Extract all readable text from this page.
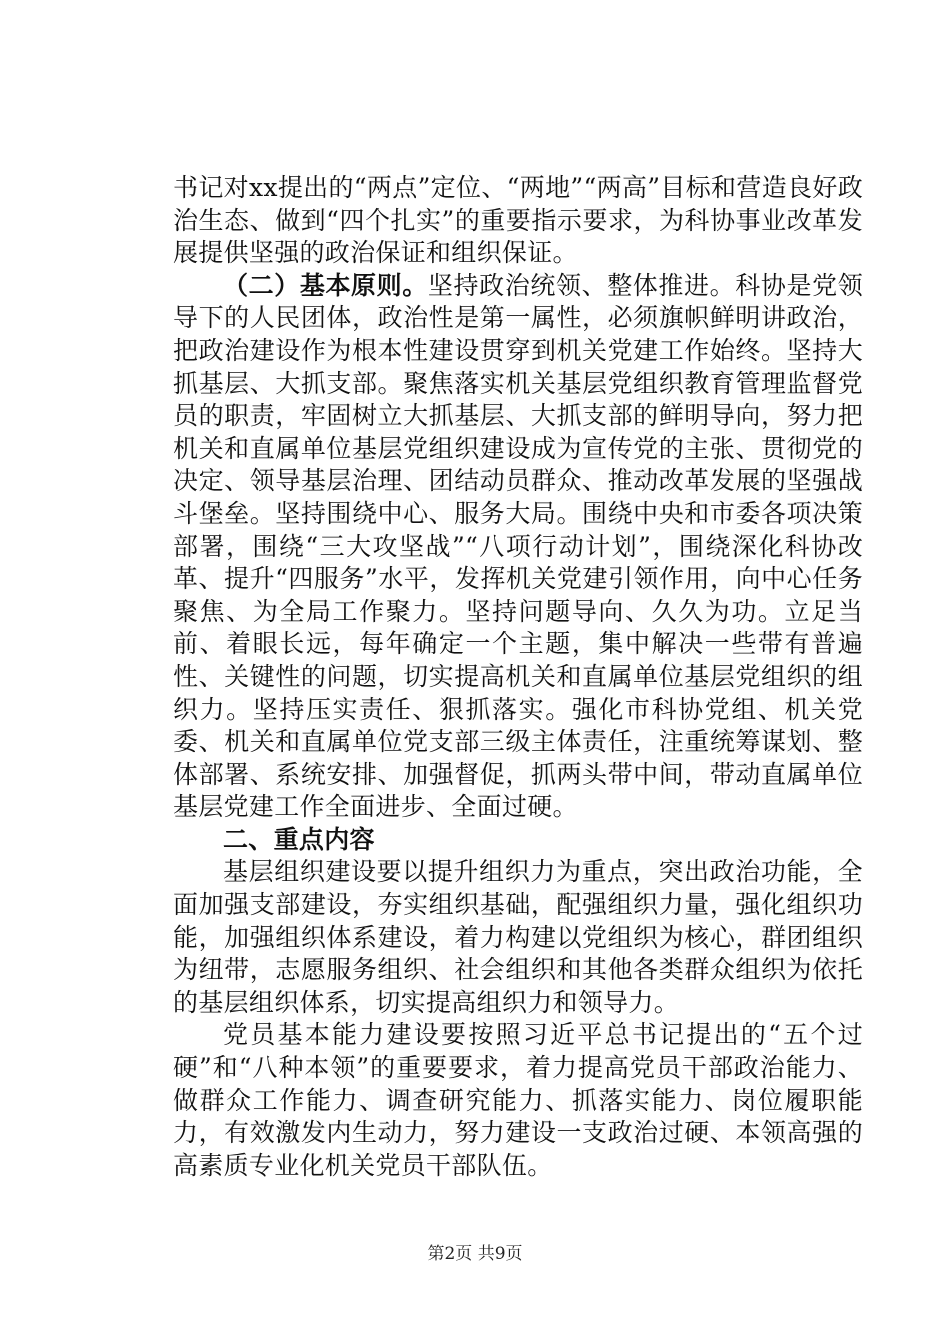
书记对xx提出的“两点”定位、“两地”“两高”目标和营造良好政治生态、做到“四个扎实”的重要指示要求，为科协事业改革发展提供坚强的政治保证和组织保证。

（二）基本原则。坚持政治统领、整体推进。科协是党领导下的人民团体，政治性是第一属性，必须旗帜鲜明讲政治，把政治建设作为根本性建设贯穿到机关党建工作始终。坚持大抓基层、大抓支部。聚焦落实机关基层党组织教育管理监督党员的职责，牢固树立大抓基层、大抓支部的鲜明导向，努力把机关和直属单位基层党组织建设成为宣传党的主张、贯彻党的决定、领导基层治理、团结动员群众、推动改革发展的坚强战斗堡垒。坚持围绕中心、服务大局。围绕中央和市委各项决策部署，围绕“三大攻坚战”“八项行动计划”，围绕深化科协改革、提升“四服务”水平，发挥机关党建引领作用，向中心任务聚焦、为全局工作聚力。坚持问题导向、久久为功。立足当前、着眼长远，每年确定一个主题，集中解决一些带有普遍性、关键性的问题，切实提高机关和直属单位基层党组织的组织力。坚持压实责任、狠抓落实。强化市科协党组、机关党委、机关和直属单位党支部三级主体责任，注重统筹谋划、整体部署、系统安排、加强督促，抓两头带中间，带动直属单位基层党建工作全面进步、全面过硬。

二、重点内容

基层组织建设要以提升组织力为重点，突出政治功能，全面加强支部建设，夯实组织基础，配强组织力量，强化组织功能，加强组织体系建设，着力构建以党组织为核心，群团组织为纽带，志愿服务组织、社会组织和其他各类群众组织为依托的基层组织体系，切实提高组织力和领导力。

党员基本能力建设要按照习近平总书记提出的“五个过硬”和“八种本领”的重要要求，着力提高党员干部政治能力、做群众工作能力、调查研究能力、抓落实能力、岗位履职能力，有效激发内生动力，努力建设一支政治过硬、本领高强的高素质专业化机关党员干部队伍。

第2页 共9页
